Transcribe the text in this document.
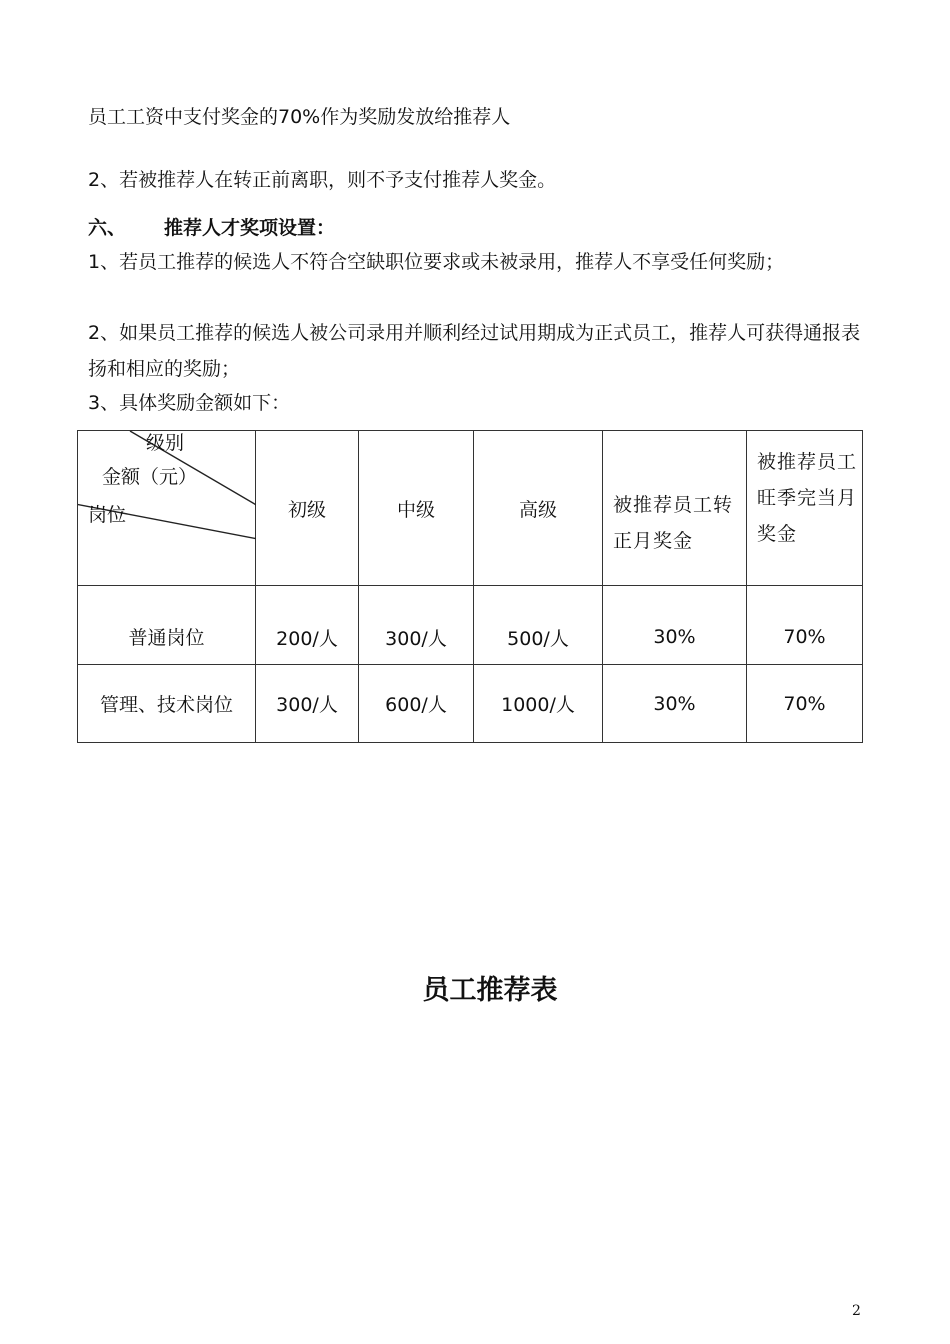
员工工资中支付奖金的70%作为奖励发放给推荐人

2、若被推荐人在转正前离职，则不予支付推荐人奖金。

六、 推荐人才奖项设置：

1、若员工推荐的候选人不符合空缺职位要求或未被录用，推荐人不享受任何奖励；

2、如果员工推荐的候选人被公司录用并顺利经过试用期成为正式员工，推荐人可获得通报表扬和相应的奖励；

3、具体奖励金额如下：

级别
金额（元）
岗位	初级	中级	高级	被推荐员工转正月奖金	被推荐员工旺季完当月奖金
普通岗位	200/人	300/人	500/人	30%	70%
管理、技术岗位	300/人	600/人	1000/人	30%	70%
员工推荐表
2
